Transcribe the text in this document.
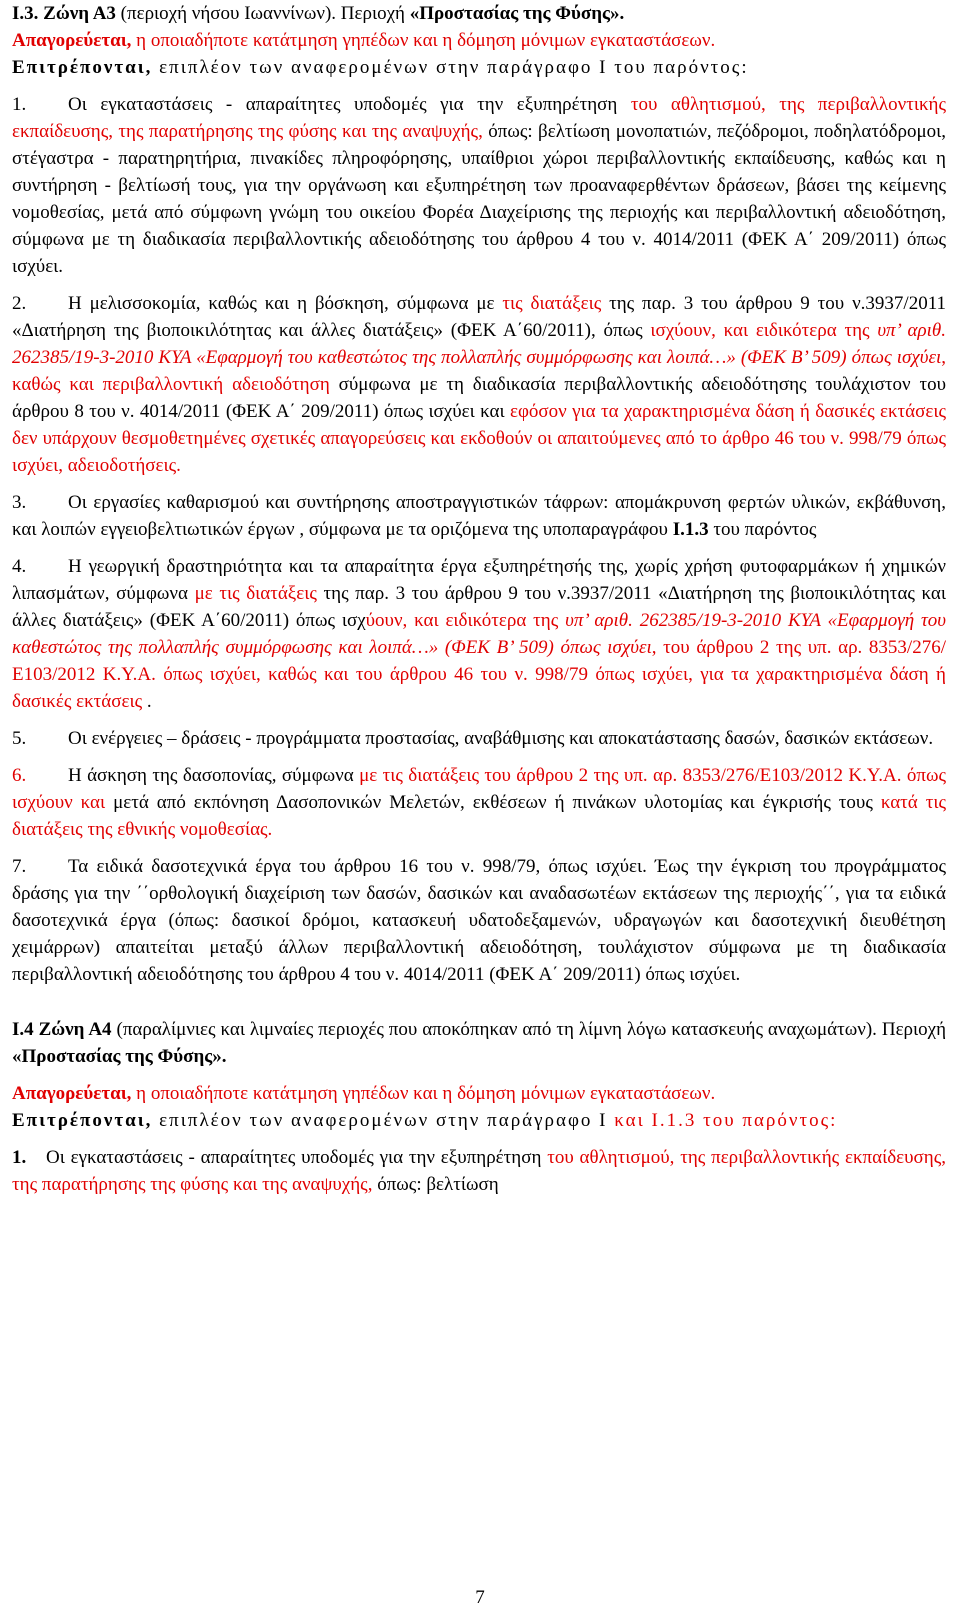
Ι.3. Ζώνη Α3 (περιοχή νήσου Ιωαννίνων). Περιοχή «Προστασίας της Φύσης».

Απαγορεύεται, η οποιαδήποτε κατάτμηση γηπέδων και η δόμηση μόνιμων εγκαταστάσεων.

Επιτρέπονται, επιπλέον των αναφερομένων στην παράγραφο Ι του παρόντος:

1. Οι εγκαταστάσεις - απαραίτητες υποδομές για την εξυπηρέτηση του αθλητισμού, της περιβαλλοντικής εκπαίδευσης, της παρατήρησης της φύσης και της αναψυχής, όπως: βελτίωση μονοπατιών, πεζόδρομοι, ποδηλατόδρομοι, στέγαστρα - παρατηρητήρια, πινακίδες πληροφόρησης, υπαίθριοι χώροι περιβαλλοντικής εκπαίδευσης, καθώς και η συντήρηση - βελτίωσή τους, για την οργάνωση και εξυπηρέτηση των προαναφερθέντων δράσεων, βάσει της κείμενης νομοθεσίας, μετά από σύμφωνη γνώμη του οικείου Φορέα Διαχείρισης της περιοχής και περιβαλλοντική αδειοδότηση, σύμφωνα με τη διαδικασία περιβαλλοντικής αδειοδότησης του άρθρου 4 του ν. 4014/2011 (ΦΕΚ Α΄ 209/2011) όπως ισχύει.

2. Η μελισσοκομία, καθώς και η βόσκηση, σύμφωνα με τις διατάξεις της παρ. 3 του άρθρου 9 του ν.3937/2011 «Διατήρηση της βιοποικιλότητας και άλλες διατάξεις» (ΦΕΚ Α΄60/2011), όπως ισχύουν, και ειδικότερα της υπ’ αριθ. 262385/19-3-2010 ΚΥΑ «Εφαρμογή του καθεστώτος της πολλαπλής συμμόρφωσης και λοιπά…» (ΦΕΚ Β’ 509) όπως ισχύει, καθώς και περιβαλλοντική αδειοδότηση σύμφωνα με τη διαδικασία περιβαλλοντικής αδειοδότησης τουλάχιστον του άρθρου 8 του ν. 4014/2011 (ΦΕΚ Α΄ 209/2011) όπως ισχύει και εφόσον για τα χαρακτηρισμένα δάση ή δασικές εκτάσεις δεν υπάρχουν θεσμοθετημένες σχετικές απαγορεύσεις και εκδοθούν οι απαιτούμενες από το άρθρο 46 του ν. 998/79 όπως ισχύει, αδειοδοτήσεις.

3. Οι εργασίες καθαρισμού και συντήρησης αποστραγγιστικών τάφρων: απομάκρυνση φερτών υλικών, εκβάθυνση, και λοιπών εγγειοβελτιωτικών έργων , σύμφωνα με τα οριζόμενα της υποπαραγράφου Ι.1.3 του παρόντος

4. Η γεωργική δραστηριότητα και τα απαραίτητα έργα εξυπηρέτησής της, χωρίς χρήση φυτοφαρμάκων ή χημικών λιπασμάτων, σύμφωνα με τις διατάξεις της παρ. 3 του άρθρου 9 του ν.3937/2011 «Διατήρηση της βιοποικιλότητας και άλλες διατάξεις» (ΦΕΚ Α΄60/2011) όπως ισχύουν, και ειδικότερα της υπ’ αριθ. 262385/19-3-2010 ΚΥΑ «Εφαρμογή του καθεστώτος της πολλαπλής συμμόρφωσης και λοιπά…» (ΦΕΚ Β’ 509) όπως ισχύει, του άρθρου 2 της υπ. αρ. 8353/276/Ε103/2012 Κ.Υ.Α. όπως ισχύει, καθώς και του άρθρου 46 του ν. 998/79 όπως ισχύει, για τα χαρακτηρισμένα δάση ή δασικές εκτάσεις .

5. Οι ενέργειες – δράσεις - προγράμματα προστασίας, αναβάθμισης και αποκατάστασης δασών, δασικών εκτάσεων.

6. Η άσκηση της δασοπονίας, σύμφωνα με τις διατάξεις του άρθρου 2 της υπ. αρ. 8353/276/Ε103/2012 Κ.Υ.Α. όπως ισχύουν και μετά από εκπόνηση Δασοπονικών Μελετών, εκθέσεων ή πινάκων υλοτομίας και έγκρισής τους κατά τις διατάξεις της εθνικής νομοθεσίας.

7. Τα ειδικά δασοτεχνικά έργα του άρθρου 16 του ν. 998/79, όπως ισχύει. Έως την έγκριση του προγράμματος δράσης για την ΄΄ορθολογική διαχείριση των δασών, δασικών και αναδασωτέων εκτάσεων της περιοχής΄΄, για τα ειδικά δασοτεχνικά έργα (όπως: δασικοί δρόμοι, κατασκευή υδατοδεξαμενών, υδραγωγών και δασοτεχνική διευθέτηση χειμάρρων) απαιτείται μεταξύ άλλων περιβαλλοντική αδειοδότηση, τουλάχιστον σύμφωνα με τη διαδικασία περιβαλλοντική αδειοδότησης του άρθρου 4 του ν. 4014/2011 (ΦΕΚ Α΄ 209/2011) όπως ισχύει.

Ι.4 Ζώνη Α4 (παραλίμνιες και λιμναίες περιοχές που αποκόπηκαν από τη λίμνη λόγω κατασκευής αναχωμάτων). Περιοχή «Προστασίας της Φύσης».

Απαγορεύεται, η οποιαδήποτε κατάτμηση γηπέδων και η δόμηση μόνιμων εγκαταστάσεων.

Επιτρέπονται, επιπλέον των αναφερομένων στην παράγραφο Ι και Ι.1.3 του παρόντος:

1. Οι εγκαταστάσεις - απαραίτητες υποδομές για την εξυπηρέτηση του αθλητισμού, της περιβαλλοντικής εκπαίδευσης, της παρατήρησης της φύσης και της αναψυχής, όπως: βελτίωση

7
